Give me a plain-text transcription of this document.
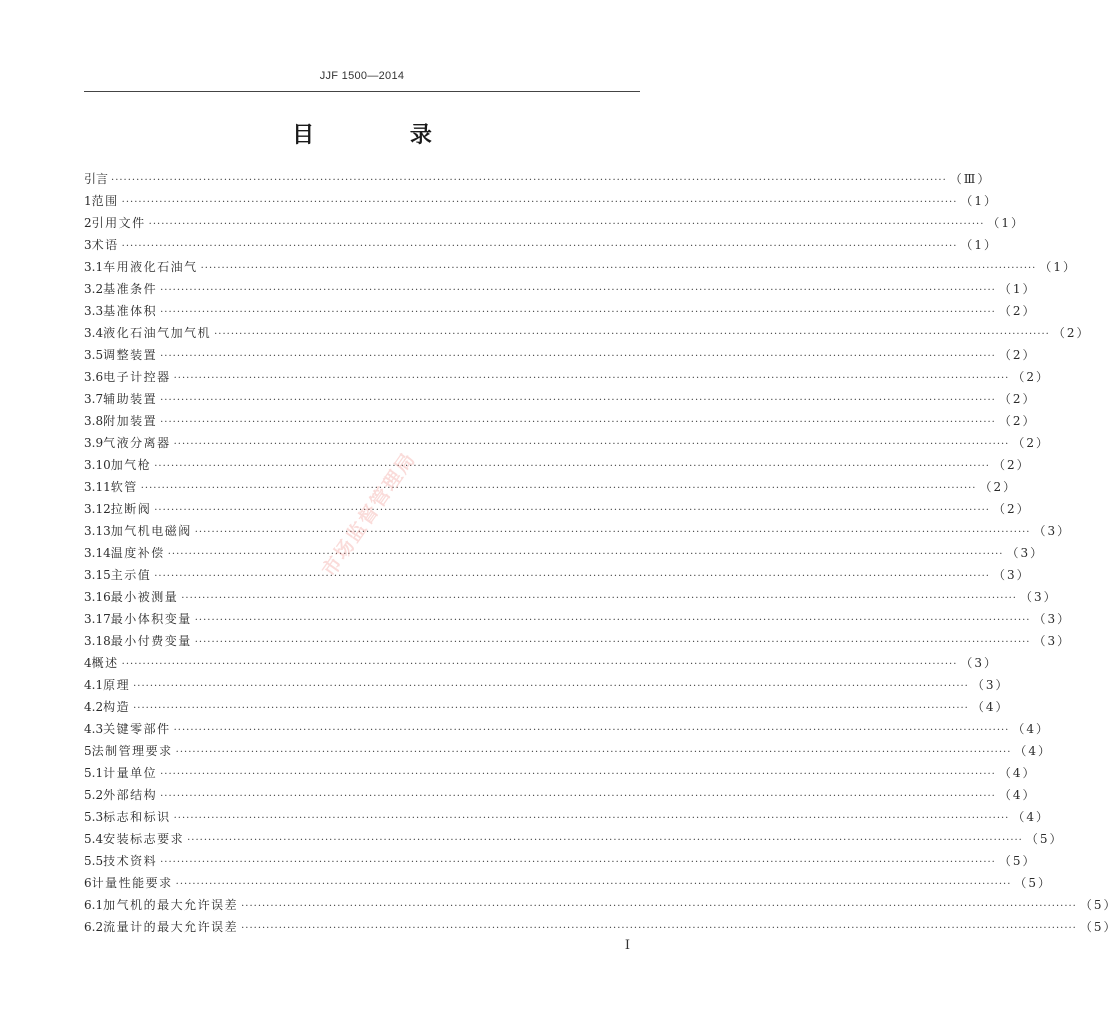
JJF 1500—2014
目 录
引言 ········································································································································································································ （Ⅲ）
1 范围 ········································································································································································································ （1）
2 引用文件 ········································································································································································································ （1）
3 术语 ········································································································································································································ （1）
3.1 车用液化石油气 ········································································································································································································ （1）
3.2 基准条件 ········································································································································································································ （1）
3.3 基准体积 ········································································································································································································ （2）
3.4 液化石油气加气机 ········································································································································································································ （2）
3.5 调整装置 ········································································································································································································ （2）
3.6 电子计控器 ········································································································································································································ （2）
3.7 辅助装置 ········································································································································································································ （2）
3.8 附加装置 ········································································································································································································ （2）
3.9 气液分离器 ········································································································································································································ （2）
3.10 加气枪 ········································································································································································································ （2）
3.11 软管 ········································································································································································································ （2）
3.12 拉断阀 ········································································································································································································ （2）
3.13 加气机电磁阀 ········································································································································································································ （3）
3.14 温度补偿 ········································································································································································································ （3）
3.15 主示值 ········································································································································································································ （3）
3.16 最小被测量 ········································································································································································································ （3）
3.17 最小体积变量 ········································································································································································································ （3）
3.18 最小付费变量 ········································································································································································································ （3）
4 概述 ········································································································································································································ （3）
4.1 原理 ········································································································································································································ （3）
4.2 构造 ········································································································································································································ （4）
4.3 关键零部件 ········································································································································································································ （4）
5 法制管理要求 ········································································································································································································ （4）
5.1 计量单位 ········································································································································································································ （4）
5.2 外部结构 ········································································································································································································ （4）
5.3 标志和标识 ········································································································································································································ （4）
5.4 安装标志要求 ········································································································································································································ （5）
5.5 技术资料 ········································································································································································································ （5）
6 计量性能要求 ········································································································································································································ （5）
6.1 加气机的最大允许误差 ········································································································································································································ （5）
6.2 流量计的最大允许误差 ········································································································································································································ （5）
市场监督管理局
I
